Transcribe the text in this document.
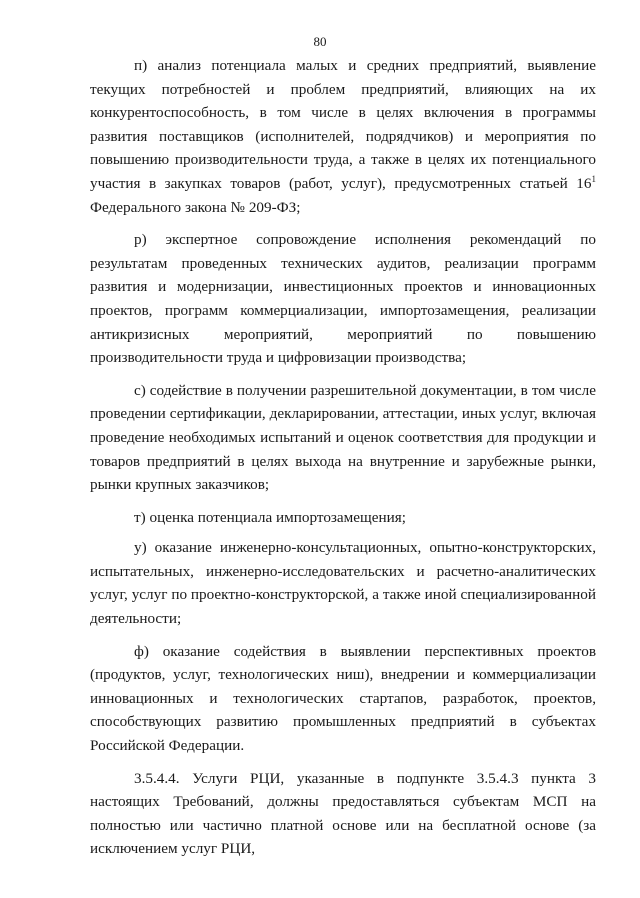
80

п) анализ потенциала малых и средних предприятий, выявление текущих потребностей и проблем предприятий, влияющих на их конкурентоспособность, в том числе в целях включения в программы развития поставщиков (исполнителей, подрядчиков) и мероприятия по повышению производительности труда, а также в целях их потенциального участия в закупках товаров (работ, услуг), предусмотренных статьей $16^1$ Федерального закона № 209-ФЗ;

р) экспертное сопровождение исполнения рекомендаций по результатам проведенных технических аудитов, реализации программ развития и модернизации, инвестиционных проектов и инновационных проектов, программ коммерциализации, импортозамещения, реализации антикризисных мероприятий, мероприятий по повышению производительности труда и цифровизации производства;

с) содействие в получении разрешительной документации, в том числе проведении сертификации, декларировании, аттестации, иных услуг, включая проведение необходимых испытаний и оценок соответствия для продукции и товаров предприятий в целях выхода на внутренние и зарубежные рынки, рынки крупных заказчиков;

т) оценка потенциала импортозамещения;

у) оказание инженерно-консультационных, опытно-конструкторских, испытательных, инженерно-исследовательских и расчетно-аналитических услуг, услуг по проектно-конструкторской, а также иной специализированной деятельности;

ф) оказание содействия в выявлении перспективных проектов (продуктов, услуг, технологических ниш), внедрении и коммерциализации инновационных и технологических стартапов, разработок, проектов, способствующих развитию промышленных предприятий в субъектах Российской Федерации.

3.5.4.4. Услуги РЦИ, указанные в подпункте 3.5.4.3 пункта 3 настоящих Требований, должны предоставляться субъектам МСП на полностью или частично платной основе или на бесплатной основе (за исключением услуг РЦИ,
